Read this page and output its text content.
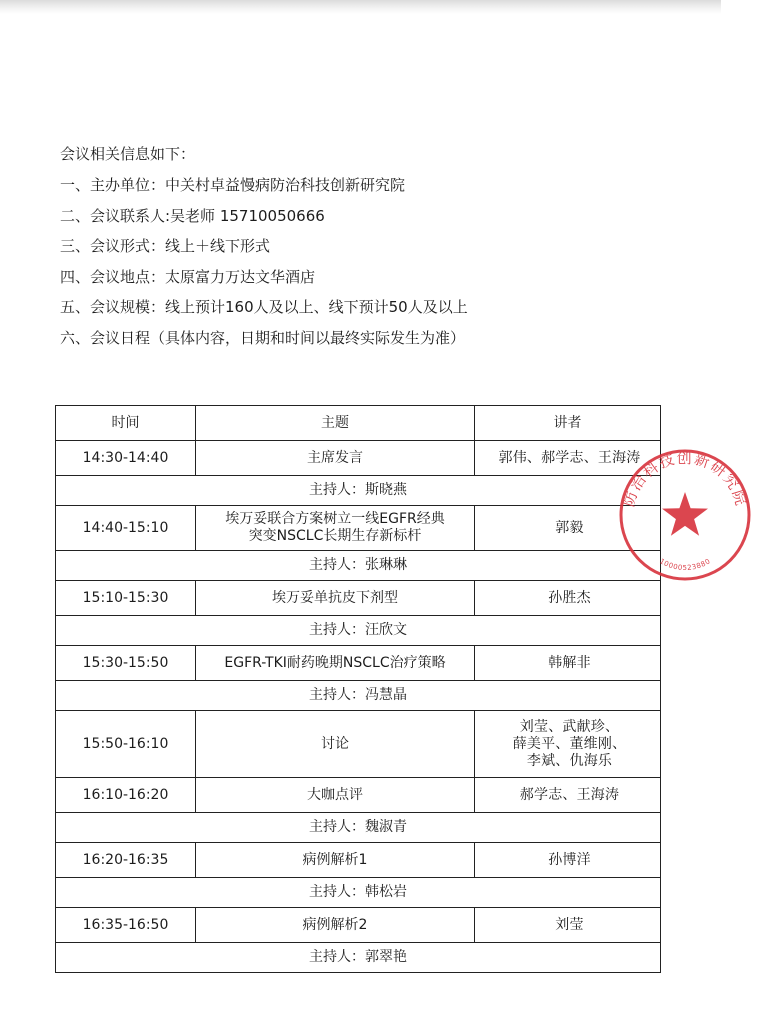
会议相关信息如下：
一、主办单位：中关村卓益慢病防治科技创新研究院
二、会议联系人:吴老师 15710050666
三、会议形式：线上＋线下形式
四、会议地点：太原富力万达文华酒店
五、会议规模：线上预计160人及以上、线下预计50人及以上
六、会议日程（具体内容，日期和时间以最终实际发生为准）
时间	主题	讲者
14:30-14:40	主席发言	郭伟、郝学志、王海涛
主持人：斯晓燕		
14:40-15:10	埃万妥联合方案树立一线EGFR经典
突变NSCLC长期生存新标杆	郭毅
主持人：张琳琳		
15:10-15:30	埃万妥单抗皮下剂型	孙胜杰
主持人：汪欣文		
15:30-15:50	EGFR-TKI耐药晚期NSCLC治疗策略	韩解非
主持人：冯慧晶		
15:50-16:10	讨论	刘莹、武献珍、
薛美平、董维刚、
李斌、仇海乐

16:10-16:20	大咖点评	郝学志、王海涛
主持人：魏淑青		
16:20-16:35	病例解析1	孙博洋
主持人：韩松岩		
16:35-16:50	病例解析2	刘莹
主持人：郭翠艳		
防治科技创新研究院
10000523880
